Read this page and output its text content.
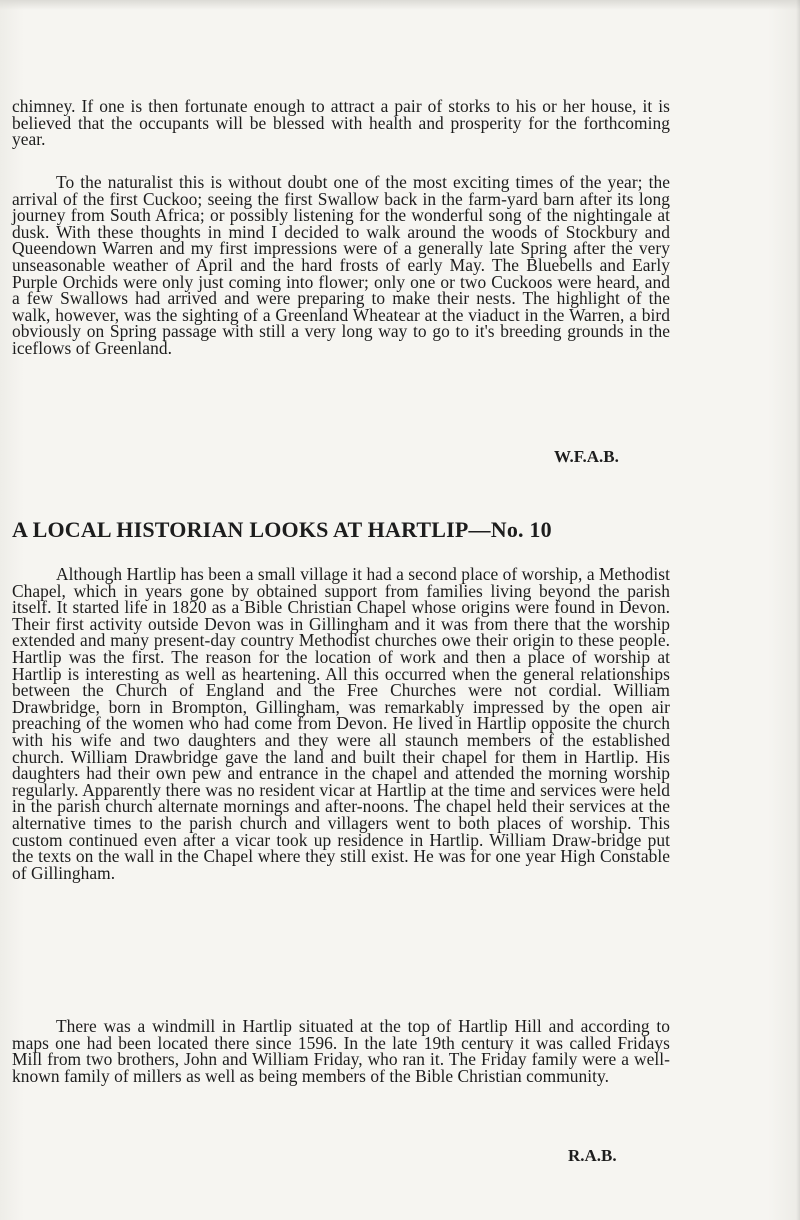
chimney. If one is then fortunate enough to attract a pair of storks to his or her house, it is believed that the occupants will be blessed with health and prosperity for the forthcoming year.

To the naturalist this is without doubt one of the most exciting times of the year; the arrival of the first Cuckoo; seeing the first Swallow back in the farm-yard barn after its long journey from South Africa; or possibly listening for the wonderful song of the nightingale at dusk. With these thoughts in mind I decided to walk around the woods of Stockbury and Queendown Warren and my first impressions were of a generally late Spring after the very unseasonable weather of April and the hard frosts of early May. The Bluebells and Early Purple Orchids were only just coming into flower; only one or two Cuckoos were heard, and a few Swallows had arrived and were preparing to make their nests. The highlight of the walk, however, was the sighting of a Greenland Wheatear at the viaduct in the Warren, a bird obviously on Spring passage with still a very long way to go to it's breeding grounds in the iceflows of Greenland.

W.F.A.B.

A LOCAL HISTORIAN LOOKS AT HARTLIP—No. 10

Although Hartlip has been a small village it had a second place of worship, a Methodist Chapel, which in years gone by obtained support from families living beyond the parish itself. It started life in 1820 as a Bible Christian Chapel whose origins were found in Devon. Their first activity outside Devon was in Gillingham and it was from there that the worship extended and many present-day country Methodist churches owe their origin to these people. Hartlip was the first. The reason for the location of work and then a place of worship at Hartlip is interesting as well as heartening. All this occurred when the general relationships between the Church of England and the Free Churches were not cordial. William Drawbridge, born in Brompton, Gillingham, was remarkably impressed by the open air preaching of the women who had come from Devon. He lived in Hartlip opposite the church with his wife and two daughters and they were all staunch members of the established church. William Drawbridge gave the land and built their chapel for them in Hartlip. His daughters had their own pew and entrance in the chapel and attended the morning worship regularly. Apparently there was no resident vicar at Hartlip at the time and services were held in the parish church alternate mornings and after-noons. The chapel held their services at the alternative times to the parish church and villagers went to both places of worship. This custom continued even after a vicar took up residence in Hartlip. William Draw-bridge put the texts on the wall in the Chapel where they still exist. He was for one year High Constable of Gillingham.

There was a windmill in Hartlip situated at the top of Hartlip Hill and according to maps one had been located there since 1596. In the late 19th century it was called Fridays Mill from two brothers, John and William Friday, who ran it. The Friday family were a well-known family of millers as well as being members of the Bible Christian community.

R.A.B.
